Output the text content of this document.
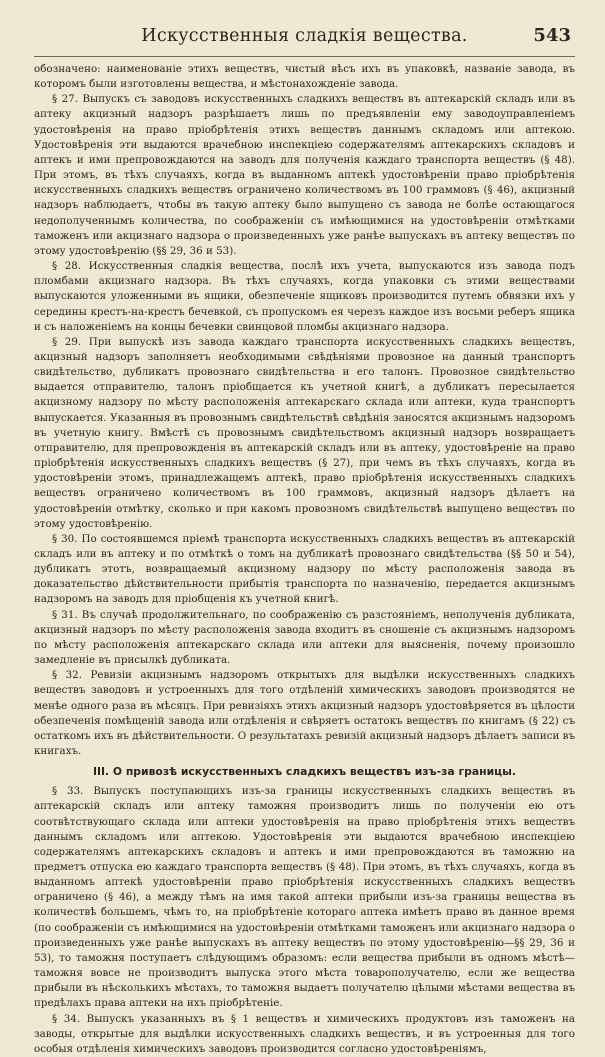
Искусственныя сладкія вещества.	543

обозначено: наименованіе этихъ веществъ, чистый вѣсъ ихъ въ упаковкѣ, названіе завода, въ которомъ были изготовлены вещества, и мѣстонахожденіе завода.

§ 27. Выпускъ съ заводовъ искусственныхъ сладкихъ веществъ въ аптекарскій складъ или въ аптеку акцизный надзоръ разрѣшаетъ лишь по предъявленіи ему заводоуправленіемъ удостовѣренія на право пріобрѣтенія этихъ веществъ даннымъ складомъ или аптекою. Удостовѣренія эти выдаются врачебною инспекціею содержателямъ аптекарскихъ складовъ и аптекъ и ими препровождаются на заводъ для полученія каждаго транспорта веществъ (§ 48). При этомъ, въ тѣхъ случаяхъ, когда въ выданномъ аптекѣ удостовѣреніи право пріобрѣтенія искусственныхъ сладкихъ веществъ ограничено количествомъ въ 100 граммовъ (§ 46), акцизный надзоръ наблюдаетъ, чтобы въ такую аптеку было выпущено съ завода не болѣе остающагося недополученнымъ количества, по соображеніи съ имѣющимися на удостовѣреніи отмѣтками таможенъ или акцизнаго надзора о произведенныхъ уже ранѣе выпускахъ въ аптеку веществъ по этому удостовѣренію (§§ 29, 36 и 53).

§ 28. Искусственныя сладкія вещества, послѣ ихъ учета, выпускаются изъ завода подъ пломбами акцизнаго надзора. Въ тѣхъ случаяхъ, когда упаковки съ этими веществами выпускаются уложенными въ ящики, обезпеченіе ящиковъ производится путемъ обвязки ихъ у середины крестъ-на-крестъ бечевкой, съ пропускомъ ея черезъ каждое изъ восьми реберъ ящика и съ наложеніемъ на концы бечевки свинцовой пломбы акцизнаго надзора.

§ 29. При выпускѣ изъ завода каждаго транспорта искусственныхъ сладкихъ веществъ, акцизный надзоръ заполняетъ необходимыми свѣдѣніями провозное на данный транспортъ свидѣтельство, дубликатъ провознаго свидѣтельства и его талонъ. Провозное свидѣтельство выдается отправителю, талонъ пріобщается къ учетной книгѣ, а дубликатъ пересылается акцизному надзору по мѣсту расположенія аптекарскаго склада или аптеки, куда транспортъ выпускается. Указанныя въ провознымъ свидѣтельствѣ свѣдѣнія заносятся акцизнымъ надзоромъ въ учетную книгу. Вмѣстѣ съ провознымъ свидѣтельствомъ акцизный надзоръ возвращаетъ отправителю, для препровожденія въ аптекарскій складъ или въ аптеку, удостовѣреніе на право пріобрѣтенія искусственныхъ сладкихъ веществъ (§ 27), при чемъ въ тѣхъ случаяхъ, когда въ удостовѣреніи этомъ, принадлежащемъ аптекѣ, право пріобрѣтенія искусственныхъ сладкихъ веществъ ограничено количествомъ въ 100 граммовъ, акцизный надзоръ дѣлаетъ на удостовѣреніи отмѣтку, сколько и при какомъ провозномъ свидѣтельствѣ выпущено веществъ по этому удостовѣренію.

§ 30. По состоявшемся пріемѣ транспорта искусственныхъ сладкихъ веществъ въ аптекарскій складъ или въ аптеку и по отмѣткѣ о томъ на дубликатѣ провознаго свидѣтельства (§§ 50 и 54), дубликатъ этотъ, возвращаемый акцизному надзору по мѣсту расположенія завода въ доказательство дѣйствительности прибытія транспорта по назначенію, передается акцизнымъ надзоромъ на заводъ для пріобщенія къ учетной книгѣ.

§ 31. Въ случаѣ продолжительнаго, по соображенію съ разстояніемъ, неполученія дубликата, акцизный надзоръ по мѣсту расположенія завода входитъ въ сношеніе съ акцизнымъ надзоромъ по мѣсту расположенія аптекарскаго склада или аптеки для выясненія, почему произошло замедленіе въ присылкѣ дубликата.

§ 32. Ревизіи акцизнымъ надзоромъ открытыхъ для выдѣлки искусственныхъ сладкихъ веществъ заводовъ и устроенныхъ для того отдѣленій химическихъ заводовъ производятся не менѣе одного раза въ мѣсяцъ. При ревизіяхъ этихъ акцизный надзоръ удостовѣряется въ цѣлости обезпеченія помѣщеній завода или отдѣленія и свѣряетъ остатокъ веществъ по книгамъ (§ 22) съ остаткомъ ихъ въ дѣйствительности. О результатахъ ревизій акцизный надзоръ дѣлаетъ записи въ книгахъ.

III. О привозѣ искусственныхъ сладкихъ веществъ изъ-за границы.

§ 33. Выпускъ поступающихъ изъ-за границы искусственныхъ сладкихъ веществъ въ аптекарскій складъ или аптеку таможня производитъ лишь по полученіи ею отъ соотвѣтствующаго склада или аптеки удостовѣренія на право пріобрѣтенія этихъ веществъ даннымъ складомъ или аптекою. Удостовѣренія эти выдаются врачебною инспекціею содержателямъ аптекарскихъ складовъ и аптекъ и ими препровождаются въ таможню на предметъ отпуска ею каждаго транспорта веществъ (§ 48). При этомъ, въ тѣхъ случаяхъ, когда въ выданномъ аптекѣ удостовѣреніи право пріобрѣтенія искусственныхъ сладкихъ веществъ ограничено (§ 46), а между тѣмъ на имя такой аптеки прибыли изъ-за границы вещества въ количествѣ большемъ, чѣмъ то, на пріобрѣтеніе котораго аптека имѣетъ право въ данное время (по соображеніи съ имѣющимися на удостовѣреніи отмѣтками таможенъ или акцизнаго надзора о произведенныхъ уже ранѣе выпускахъ въ аптеку веществъ по этому удостовѣренію—§§ 29, 36 и 53), то таможня поступаетъ слѣдующимъ образомъ: если вещества прибыли въ одномъ мѣстѣ—таможня вовсе не производитъ выпуска этого мѣста товарополучателю, если же вещества прибыли въ нѣсколькихъ мѣстахъ, то таможня выдаетъ получателю цѣлыми мѣстами вещества въ предѣлахъ права аптеки на ихъ пріобрѣтеніе.

§ 34. Выпускъ указанныхъ въ § 1 веществъ и химическихъ продуктовъ изъ таможенъ на заводы, открытые для выдѣлки искусственныхъ сладкихъ веществъ, и въ устроенныя для того особыя отдѣленія химическихъ заводовъ производится согласно удостовѣреніямъ,
